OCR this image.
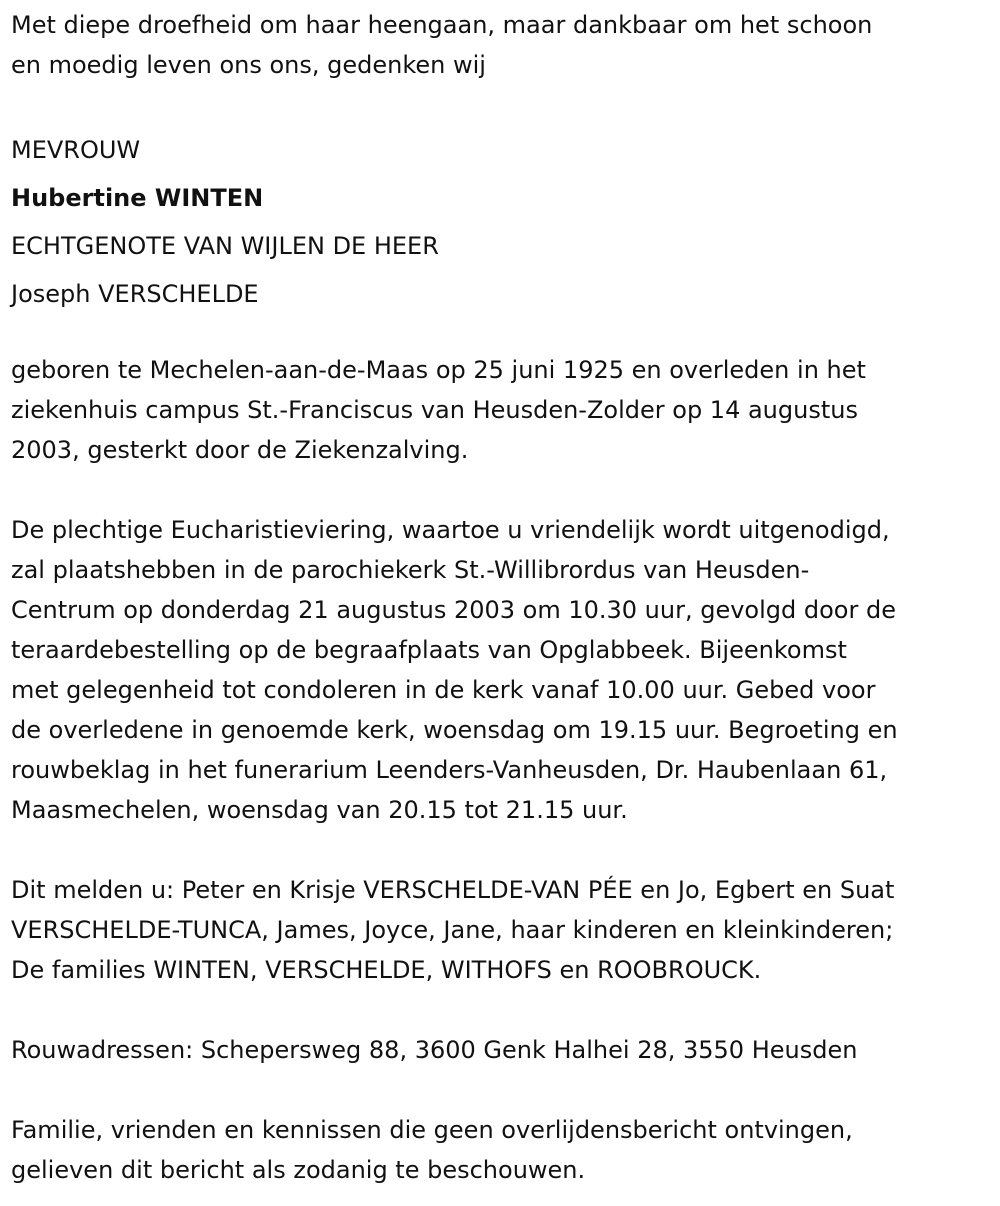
Met diepe droefheid om haar heengaan, maar dankbaar om het schoon
en moedig leven ons ons, gedenken wij

MEVROUW
Hubertine WINTEN
ECHTGENOTE VAN WIJLEN DE HEER
Joseph VERSCHELDE

geboren te Mechelen-aan-de-Maas op 25 juni 1925 en overleden in het
ziekenhuis campus St.-Franciscus van Heusden-Zolder op 14 augustus
2003, gesterkt door de Ziekenzalving.

De plechtige Eucharistieviering, waartoe u vriendelijk wordt uitgenodigd,
zal plaatshebben in de parochiekerk St.-Willibrordus van Heusden-
Centrum op donderdag 21 augustus 2003 om 10.30 uur, gevolgd door de
teraardebestelling op de begraafplaats van Opglabbeek. Bijeenkomst
met gelegenheid tot condoleren in de kerk vanaf 10.00 uur. Gebed voor
de overledene in genoemde kerk, woensdag om 19.15 uur. Begroeting en
rouwbeklag in het funerarium Leenders-Vanheusden, Dr. Haubenlaan 61,
Maasmechelen, woensdag van 20.15 tot 21.15 uur.

Dit melden u: Peter en Krisje VERSCHELDE-VAN PÉE en Jo, Egbert en Suat
VERSCHELDE-TUNCA, James, Joyce, Jane, haar kinderen en kleinkinderen;
De families WINTEN, VERSCHELDE, WITHOFS en ROOBROUCK.

Rouwadressen: Schepersweg 88, 3600 Genk Halhei 28, 3550 Heusden

Familie, vrienden en kennissen die geen overlijdensbericht ontvingen,
gelieven dit bericht als zodanig te beschouwen.
